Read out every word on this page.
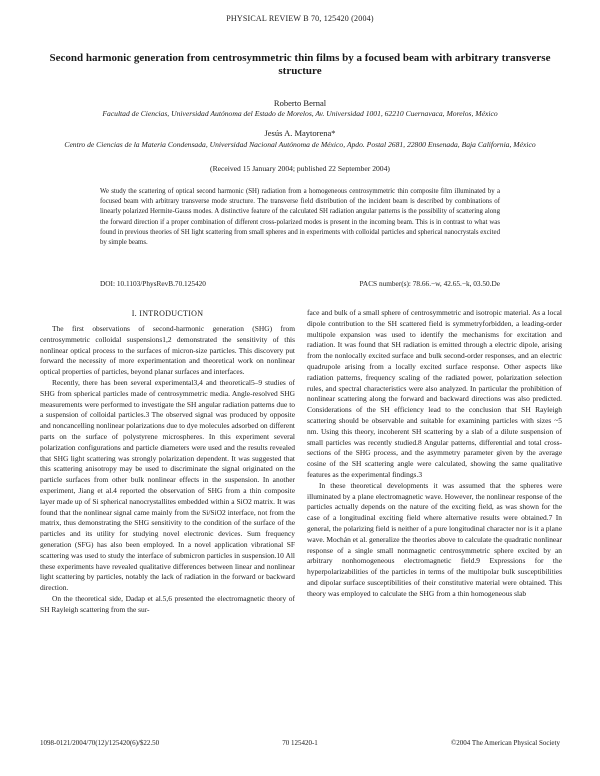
PHYSICAL REVIEW B 70, 125420 (2004)
Second harmonic generation from centrosymmetric thin films by a focused beam with arbitrary transverse structure
Roberto Bernal
Facultad de Ciencias, Universidad Autónoma del Estado de Morelos, Av. Universidad 1001, 62210 Cuernavaca, Morelos, México
Jesús A. Maytorena*
Centro de Ciencias de la Materia Condensada, Universidad Nacional Autónoma de México, Apdo. Postal 2681, 22800 Ensenada, Baja California, México
(Received 15 January 2004; published 22 September 2004)
We study the scattering of optical second harmonic (SH) radiation from a homogeneous centrosymmetric thin composite film illuminated by a focused beam with arbitrary transverse mode structure. The transverse field distribution of the incident beam is described by combinations of linearly polarized Hermite-Gauss modes. A distinctive feature of the calculated SH radiation angular patterns is the possibility of scattering along the forward direction if a proper combination of different cross-polarized modes is present in the incoming beam. This is in contrast to what was found in previous theories of SH light scattering from small spheres and in experiments with colloidal particles and spherical nanocrystals excited by simple beams.
DOI: 10.1103/PhysRevB.70.125420	PACS number(s): 78.66.−w, 42.65.−k, 03.50.De
I. INTRODUCTION

The first observations of second-harmonic generation (SHG) from centrosymmetric colloidal suspensions1,2 demonstrated the sensitivity of this nonlinear optical process to the surfaces of micron-size particles. This discovery put forward the necessity of more experimentation and theoretical work on nonlinear optical properties of particles, beyond planar surfaces and interfaces.

Recently, there has been several experimental3,4 and theoretical5–9 studies of SHG from spherical particles made of centrosymmetric media. Angle-resolved SHG measurements were performed to investigate the SH angular radiation patterns due to a suspension of colloidal particles.3 The observed signal was produced by opposite and noncancelling nonlinear polarizations due to dye molecules adsorbed on different parts on the surface of polystyrene microspheres. In this experiment several polarization configurations and particle diameters were used and the results revealed that SHG light scattering was strongly polarization dependent. It was suggested that this scattering anisotropy may be used to discriminate the signal originated on the particle surfaces from other bulk nonlinear effects in the suspension. In another experiment, Jiang et al.4 reported the observation of SHG from a thin composite layer made up of Si spherical nanocrystallites embedded within a SiO2 matrix. It was found that the nonlinear signal came mainly from the Si/SiO2 interface, not from the matrix, thus demonstrating the SHG sensitivity to the condition of the surface of the particles and its utility for studying novel electronic devices. Sum frequency generation (SFG) has also been employed. In a novel application vibrational SF scattering was used to study the interface of submicron particles in suspension.10 All these experiments have revealed qualitative differences between linear and nonlinear light scattering by particles, notably the lack of radiation in the forward or backward direction.

On the theoretical side, Dadap et al.5,6 presented the electromagnetic theory of SH Rayleigh scattering from the sur-

face and bulk of a small sphere of centrosymmetric and isotropic material. As a local dipole contribution to the SH scattered field is symmetryforbidden, a leading-order multipole expansion was used to identify the mechanisms for excitation and radiation. It was found that SH radiation is emitted through a electric dipole, arising from the nonlocally excited surface and bulk second-order responses, and an electric quadrupole arising from a locally excited surface response. Other aspects like radiation patterns, frequency scaling of the radiated power, polarization selection rules, and spectral characteristics were also analyzed. In particular the prohibition of nonlinear scattering along the forward and backward directions was also predicted. Considerations of the SH efficiency lead to the conclusion that SH Rayleigh scattering should be observable and suitable for examining particles with sizes ~5 nm. Using this theory, incoherent SH scattering by a slab of a dilute suspension of small particles was recently studied.8 Angular patterns, differential and total cross-sections of the SHG process, and the asymmetry parameter given by the average cosine of the SH scattering angle were calculated, showing the same qualitative features as the experimental findings.3

In these theoretical developments it was assumed that the spheres were illuminated by a plane electromagnetic wave. However, the nonlinear response of the particles actually depends on the nature of the exciting field, as was shown for the case of a longitudinal exciting field where alternative results were obtained.7 In general, the polarizing field is neither of a pure longitudinal character nor is it a plane wave. Mochán et al. generalize the theories above to calculate the quadratic nonlinear response of a single small nonmagnetic centrosymmetric sphere excited by an arbitrary nonhomogeneous electromagnetic field.9 Expressions for the hyperpolarizabilities of the particles in terms of the multipolar bulk susceptibilities and dipolar surface susceptibilities of their constitutive material were obtained. This theory was employed to calculate the SHG from a thin homogeneous slab

1098-0121/2004/70(12)/125420(6)/$22.50	70 125420-1	©2004 The American Physical Society
